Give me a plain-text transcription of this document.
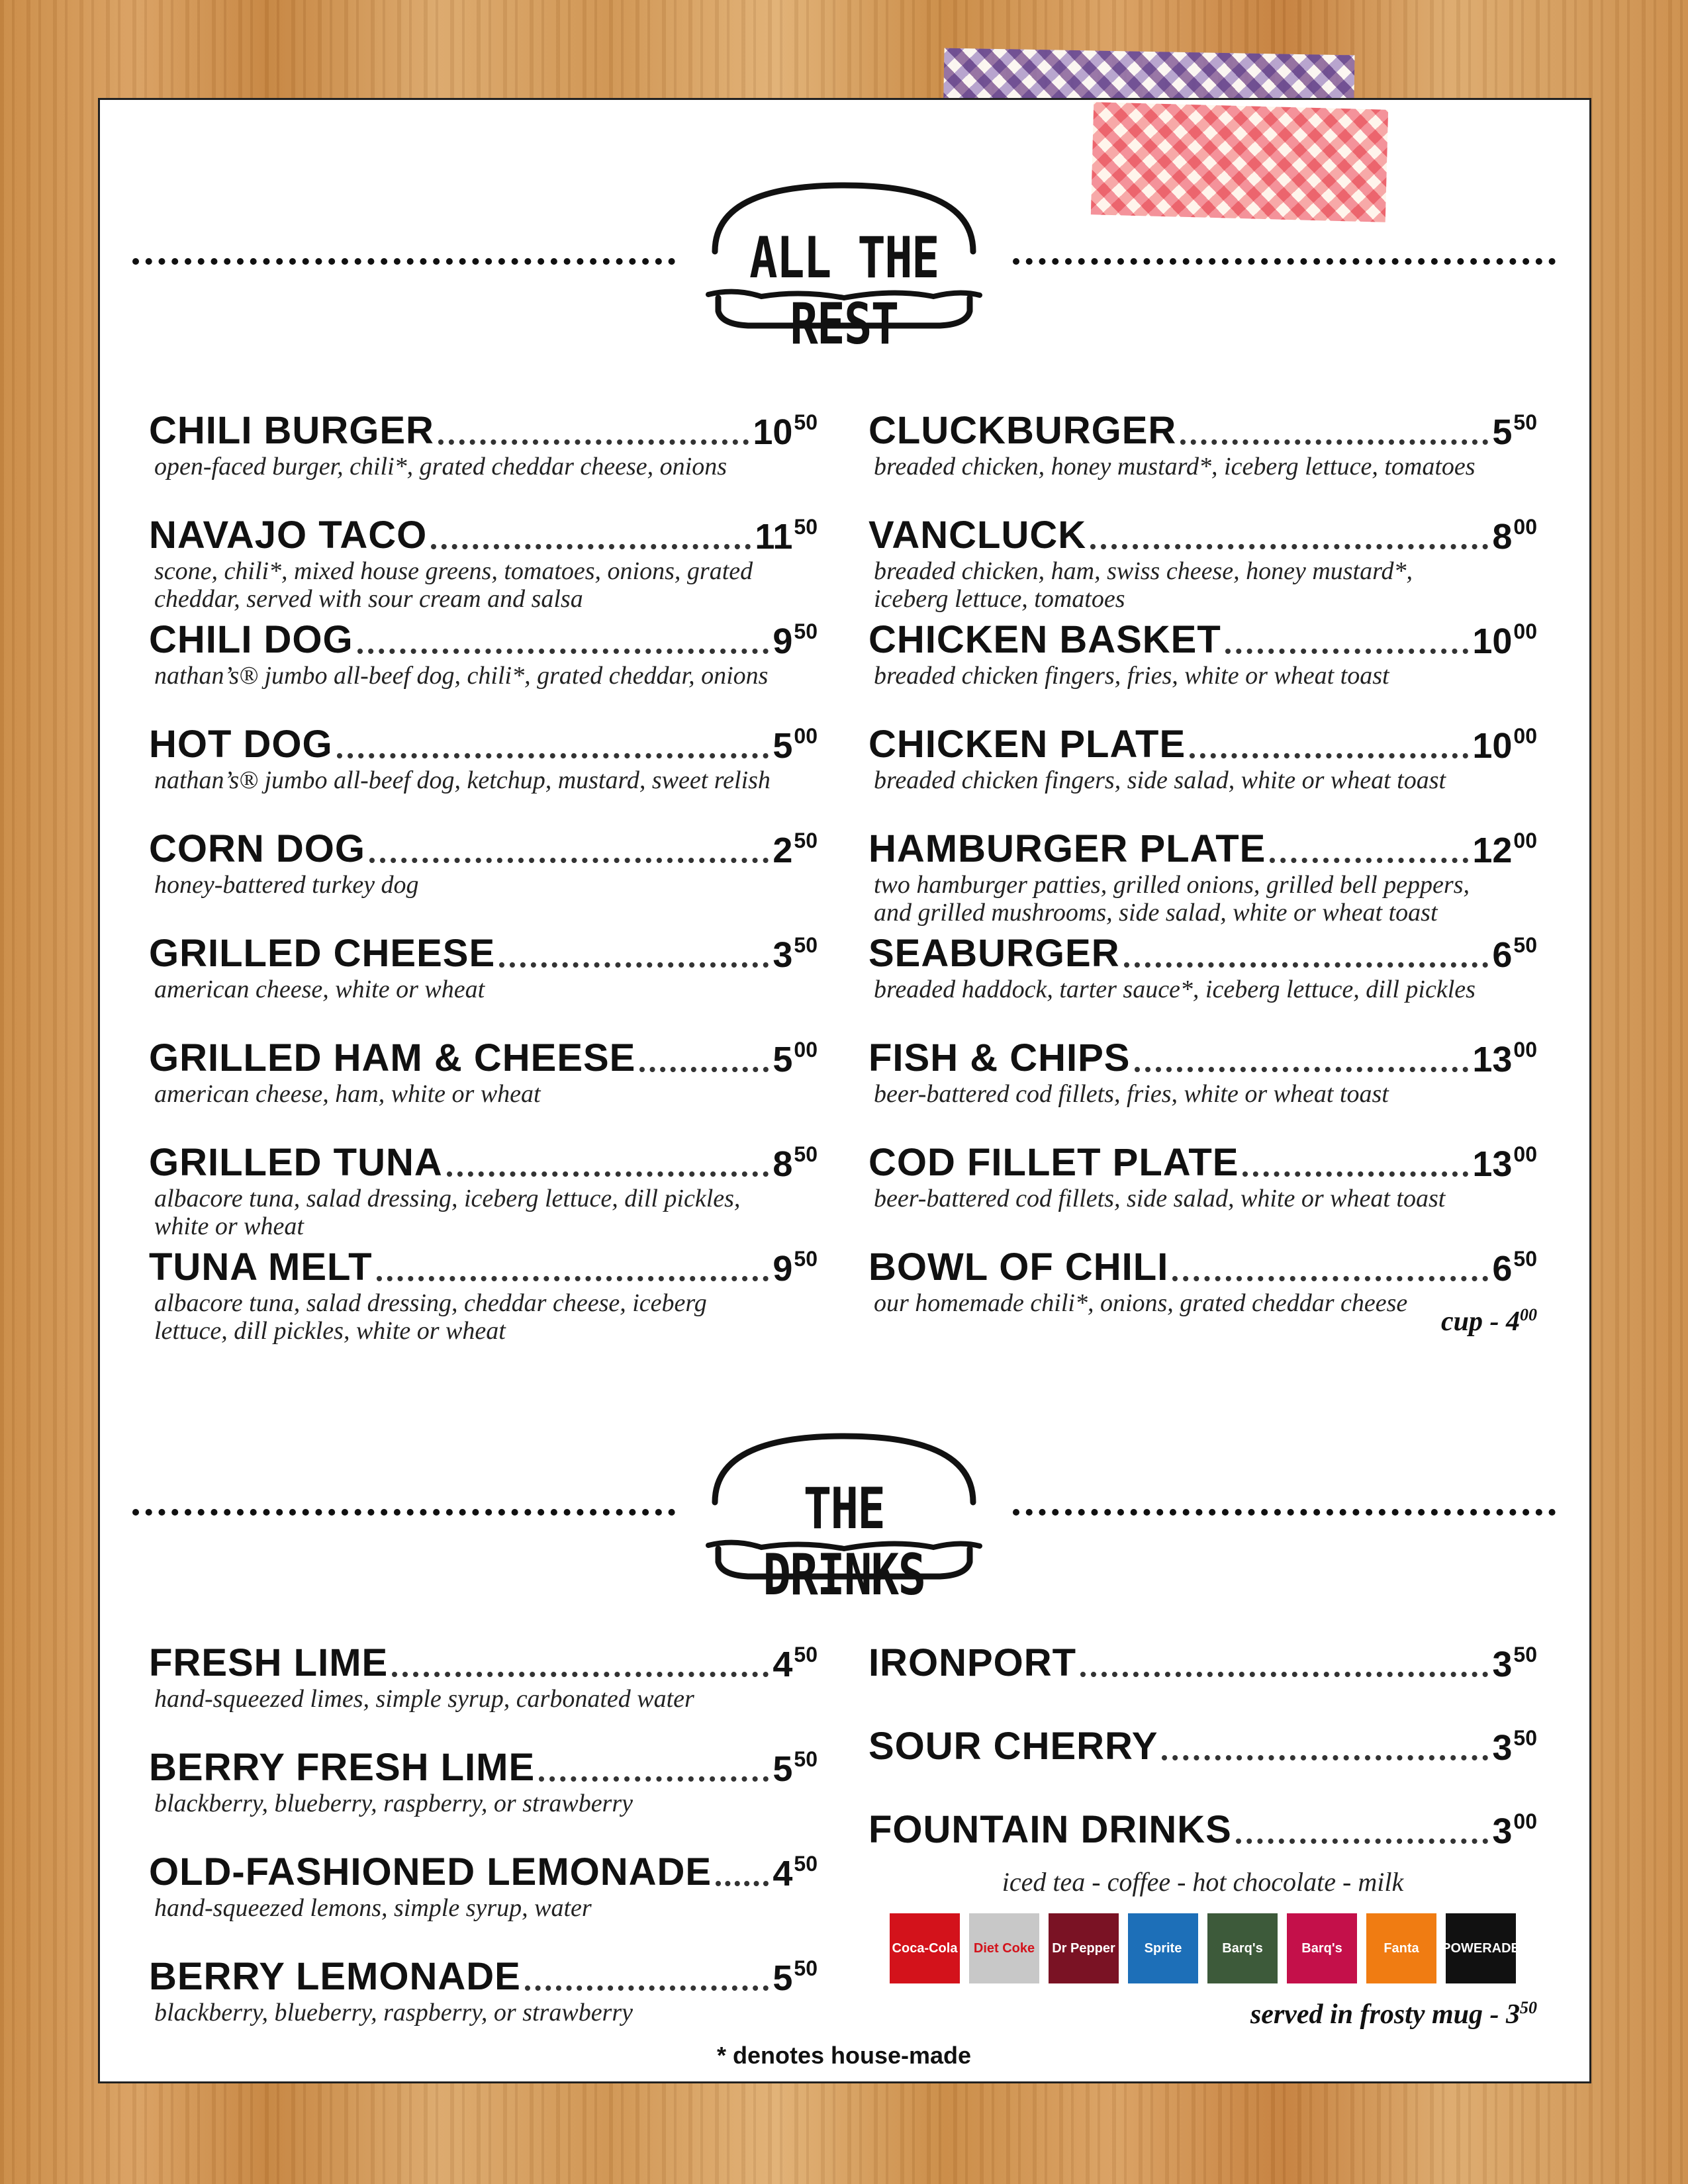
ALL THE REST
CHILI BURGER	$10^{50}$
open-faced burger, chili*, grated cheddar cheese, onions
NAVAJO TACO	$11^{50}$
scone, chili*, mixed house greens, tomatoes, onions, grated
cheddar, served with sour cream and salsa
CHILI DOG	$9^{50}$
nathan’s® jumbo all-beef dog, chili*, grated cheddar, onions
HOT DOG	$5^{00}$
nathan’s® jumbo all-beef dog, ketchup, mustard, sweet relish
CORN DOG	$2^{50}$
honey-battered turkey dog
GRILLED CHEESE	$3^{50}$
american cheese, white or wheat
GRILLED HAM & CHEESE	$5^{00}$
american cheese, ham, white or wheat
GRILLED TUNA	$8^{50}$
albacore tuna, salad dressing, iceberg lettuce, dill pickles,
white or wheat
TUNA MELT	$9^{50}$
albacore tuna, salad dressing, cheddar cheese, iceberg
lettuce, dill pickles, white or wheat
CLUCKBURGER	$5^{50}$
breaded chicken, honey mustard*, iceberg lettuce, tomatoes
VANCLUCK	$8^{00}$
breaded chicken, ham, swiss cheese, honey mustard*,
iceberg lettuce, tomatoes
CHICKEN BASKET	$10^{00}$
breaded chicken fingers, fries, white or wheat toast
CHICKEN PLATE	$10^{00}$
breaded chicken fingers, side salad, white or wheat toast
HAMBURGER PLATE	$12^{00}$
two hamburger patties, grilled onions, grilled bell peppers,
and grilled mushrooms, side salad, white or wheat toast
SEABURGER	$6^{50}$
breaded haddock, tarter sauce*, iceberg lettuce, dill pickles
FISH & CHIPS	$13^{00}$
beer-battered cod fillets, fries, white or wheat toast
COD FILLET PLATE	$13^{00}$
beer-battered cod fillets, side salad, white or wheat toast
BOWL OF CHILI	$6^{50}$
our homemade chili*, onions, grated cheddar cheese
cup - $4^{00}$
THE DRINKS
FRESH LIME	$4^{50}$
hand-squeezed limes, simple syrup, carbonated water
BERRY FRESH LIME	$5^{50}$
blackberry, blueberry, raspberry, or strawberry
OLD-FASHIONED LEMONADE $4^{50}$
hand-squeezed lemons, simple syrup, water
BERRY LEMONADE	$5^{50}$
blackberry, blueberry, raspberry, or strawberry
IRONPORT	$3^{50}$
SOUR CHERRY	$3^{50}$
FOUNTAIN DRINKS	$3^{00}$
iced tea - coffee - hot chocolate - milk
Coca-Cola	Diet Coke	Dr Pepper	Sprite	Barq's	Barq's	Fanta	POWERADE
served in frosty mug - $3^{50}$
* denotes house-made
